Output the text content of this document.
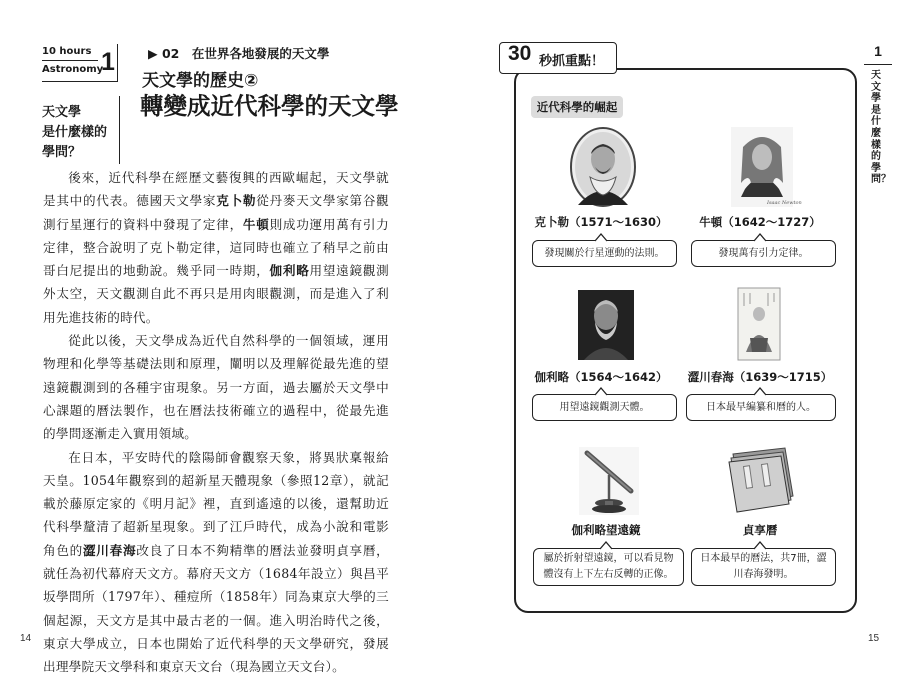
10 hours
Astronomy
1
天文學
是什麼樣的
學問？
▶ 02　在世界各地發展的天文學
天文學的歷史②
轉變成近代科學的天文學

後來，近代科學在經歷文藝復興的西歐崛起，天文學就是其中的代表。德國天文學家克卜勒從丹麥天文學家第谷觀測行星運行的資料中發現了定律，牛頓則成功運用萬有引力定律，整合說明了克卜勒定律，這同時也確立了稍早之前由哥白尼提出的地動說。幾乎同一時期，伽利略用望遠鏡觀測外太空，天文觀測自此不再只是用肉眼觀測，而是進入了利用先進技術的時代。

從此以後，天文學成為近代自然科學的一個領域，運用物理和化學等基礎法則和原理，闡明以及理解從最先進的望遠鏡觀測到的各種宇宙現象。另一方面，過去屬於天文學中心課題的曆法製作，也在曆法技術確立的過程中，從最先進的學問逐漸走入實用領域。

在日本，平安時代的陰陽師會觀察天象，將異狀稟報給天皇。1054年觀察到的超新星天體現象（參照12章），就記載於藤原定家的《明月記》裡，直到遙遠的以後，還幫助近代科學釐清了超新星現象。到了江戶時代，成為小說和電影角色的澀川春海改良了日本不夠精準的曆法並發明貞享曆，就任為初代幕府天文方。幕府天文方（1684年設立）與昌平坂學問所（1797年）、種痘所（1858年）同為東京大學的三個起源，天文方是其中最古老的一個。進入明治時代之後，東京大學成立，日本也開始了近代科學的天文學研究，發展出理學院天文學科和東京天文台（現為國立天文台）。

14
30 秒抓重點！
近代科學的崛起
Isaac Newton
克卜勒（1571〜1630）
發現關於行星運動的法則。
牛頓（1642〜1727）
發現萬有引力定律。
伽利略（1564〜1642）
用望遠鏡觀測天體。
澀川春海（1639〜1715）
日本最早編纂和曆的人。
伽利略望遠鏡
屬於折射望遠鏡，可以看見物體沒有上下左右反轉的正像。
貞享曆
日本最早的曆法，共7冊，澀川春海發明。
1
天文學是什麼樣的學問？
15
